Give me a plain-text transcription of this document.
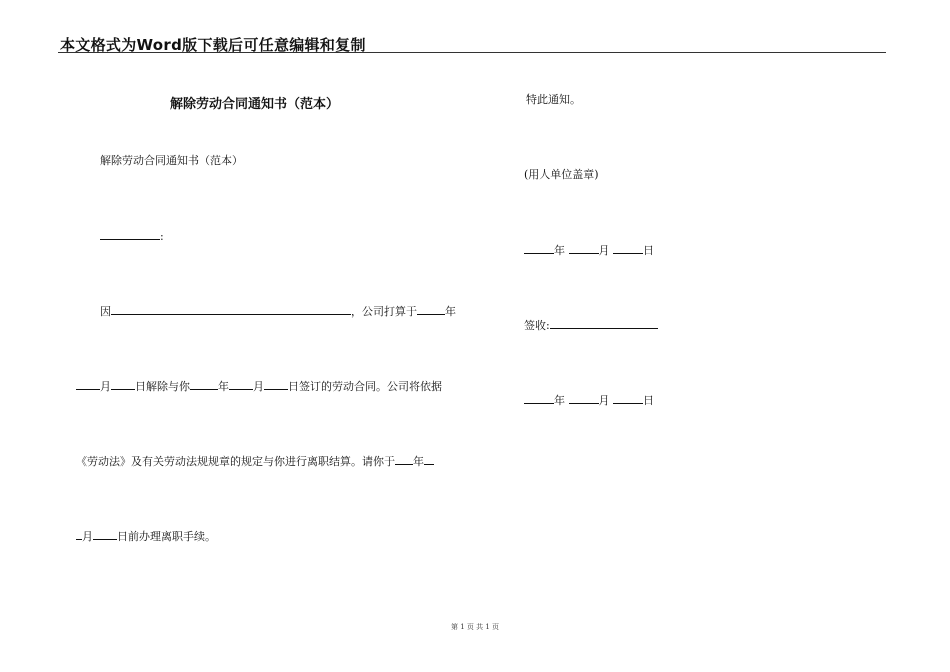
本文格式为Word版下载后可任意编辑和复制
解除劳动合同通知书（范本）
解除劳动合同通知书（范本）
:
因	，公司打算于	年
月 日解除与你	年 月 日签订的劳动合同。公司将依据
《劳动法》及有关劳动法规规章的规定与你进行离职结算。请你于 年
月 日前办理离职手续。
特此通知。
(用人单位盖章)
年	月	日
签收:
年	月	日
第 1 页 共 1 页
